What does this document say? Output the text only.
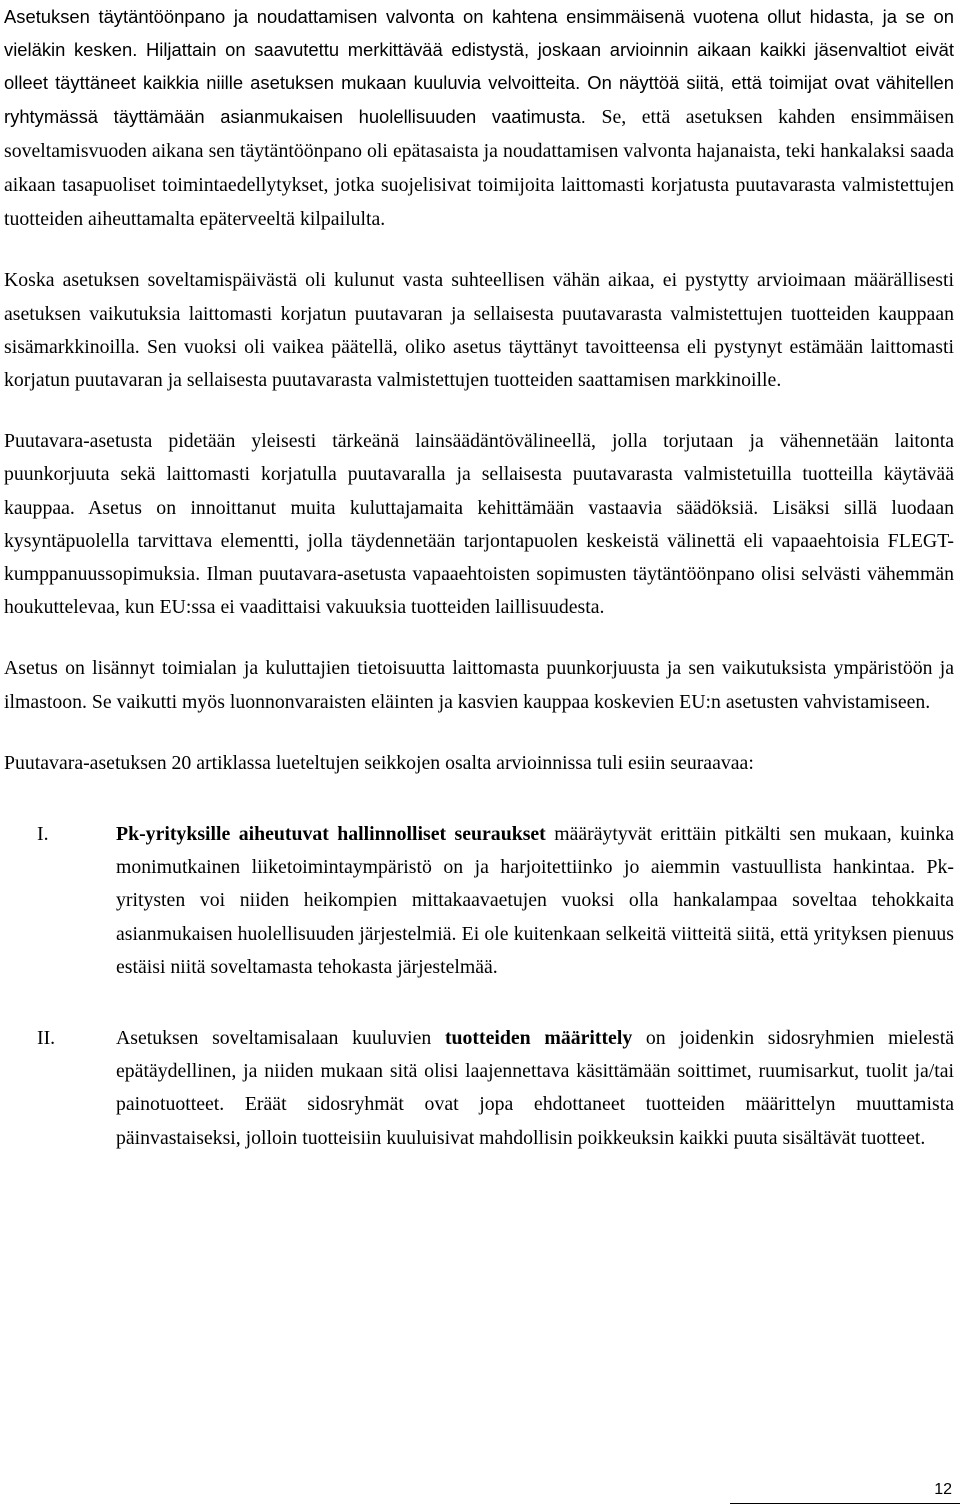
Asetuksen täytäntöönpano ja noudattamisen valvonta on kahtena ensimmäisenä vuotena ollut hidasta, ja se on vieläkin kesken. Hiljattain on saavutettu merkittävää edistystä, joskaan arvioinnin aikaan kaikki jäsenvaltiot eivät olleet täyttäneet kaikkia niille asetuksen mukaan kuuluvia velvoitteita. On näyttöä siitä, että toimijat ovat vähitellen ryhtymässä täyttämään asianmukaisen huolellisuuden vaatimusta. Se, että asetuksen kahden ensimmäisen soveltamisvuoden aikana sen täytäntöönpano oli epätasaista ja noudattamisen valvonta hajanaista, teki hankalaksi saada aikaan tasapuoliset toimintaedellytykset, jotka suojelisivat toimijoita laittomasti korjatusta puutavarasta valmistettujen tuotteiden aiheuttamalta epäterveeltä kilpailulta.

Koska asetuksen soveltamispäivästä oli kulunut vasta suhteellisen vähän aikaa, ei pystytty arvioimaan määrällisesti asetuksen vaikutuksia laittomasti korjatun puutavaran ja sellaisesta puutavarasta valmistettujen tuotteiden kauppaan sisämarkkinoilla. Sen vuoksi oli vaikea päätellä, oliko asetus täyttänyt tavoitteensa eli pystynyt estämään laittomasti korjatun puutavaran ja sellaisesta puutavarasta valmistettujen tuotteiden saattamisen markkinoille.

Puutavara-asetusta pidetään yleisesti tärkeänä lainsäädäntövälineellä, jolla torjutaan ja vähennetään laitonta puunkorjuuta sekä laittomasti korjatulla puutavaralla ja sellaisesta puutavarasta valmistetuilla tuotteilla käytävää kauppaa. Asetus on innoittanut muita kuluttajamaita kehittämään vastaavia säädöksiä. Lisäksi sillä luodaan kysyntäpuolella tarvittava elementti, jolla täydennetään tarjontapuolen keskeistä välinettä eli vapaaehtoisia FLEGT-kumppanuussopimuksia. Ilman puutavara-asetusta vapaaehtoisten sopimusten täytäntöönpano olisi selvästi vähemmän houkuttelevaa, kun EU:ssa ei vaadittaisi vakuuksia tuotteiden laillisuudesta.

Asetus on lisännyt toimialan ja kuluttajien tietoisuutta laittomasta puunkorjuusta ja sen vaikutuksista ympäristöön ja ilmastoon. Se vaikutti myös luonnonvaraisten eläinten ja kasvien kauppaa koskevien EU:n asetusten vahvistamiseen.

Puutavara-asetuksen 20 artiklassa lueteltujen seikkojen osalta arvioinnissa tuli esiin seuraavaa:

I.	Pk-yrityksille aiheutuvat hallinnolliset seuraukset määräytyvät erittäin pitkälti sen mukaan, kuinka monimutkainen liiketoimintaympäristö on ja harjoitettiinko jo aiemmin vastuullista hankintaa. Pk-yritysten voi niiden heikompien mittakaavaetujen vuoksi olla hankalampaa soveltaa tehokkaita asianmukaisen huolellisuuden järjestelmiä. Ei ole kuitenkaan selkeitä viitteitä siitä, että yrityksen pienuus estäisi niitä soveltamasta tehokasta järjestelmää.

II.	Asetuksen soveltamisalaan kuuluvien tuotteiden määrittely on joidenkin sidosryhmien mielestä epätäydellinen, ja niiden mukaan sitä olisi laajennettava käsittämään soittimet, ruumisarkut, tuolit ja/tai painotuotteet. Eräät sidosryhmät ovat jopa ehdottaneet tuotteiden määrittelyn muuttamista päinvastaiseksi, jolloin tuotteisiin kuuluisivat mahdollisin poikkeuksin kaikki puuta sisältävät tuotteet.

12
